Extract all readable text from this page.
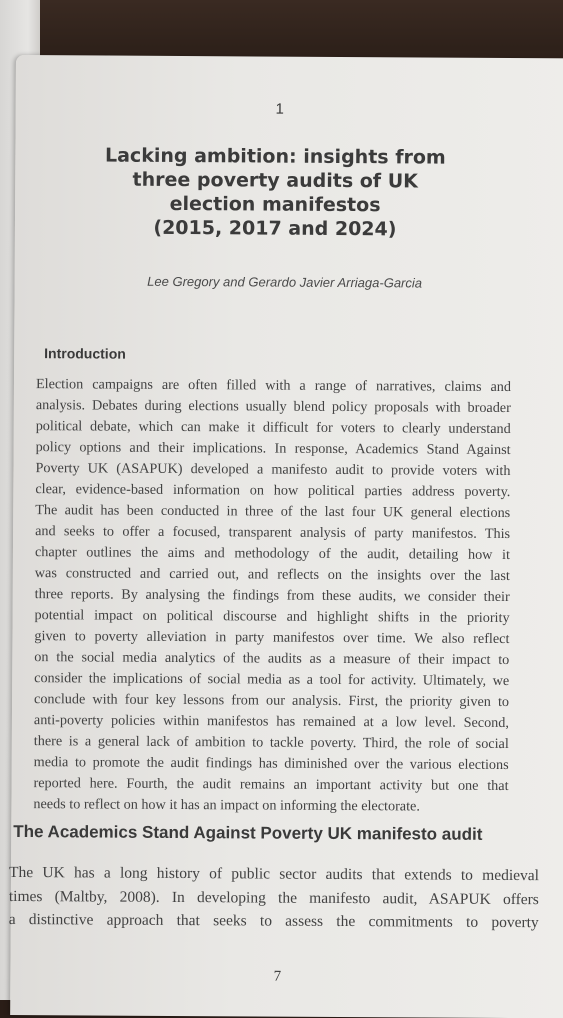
1
Lacking ambition: insights from
three poverty audits of UK
election manifestos
(2015, 2017 and 2024)
Lee Gregory and Gerardo Javier Arriaga-Garcia
Introduction
Election campaigns are often filled with a range of narratives, claims and
analysis. Debates during elections usually blend policy proposals with broader
political debate, which can make it difficult for voters to clearly understand
policy options and their implications. In response, Academics Stand Against
Poverty UK (ASAPUK) developed a manifesto audit to provide voters with
clear, evidence-based information on how political parties address poverty.
The audit has been conducted in three of the last four UK general elections
and seeks to offer a focused, transparent analysis of party manifestos. This
chapter outlines the aims and methodology of the audit, detailing how it
was constructed and carried out, and reflects on the insights over the last
three reports. By analysing the findings from these audits, we consider their
potential impact on political discourse and highlight shifts in the priority
given to poverty alleviation in party manifestos over time. We also reflect
on the social media analytics of the audits as a measure of their impact to
consider the implications of social media as a tool for activity. Ultimately, we
conclude with four key lessons from our analysis. First, the priority given to
anti-poverty policies within manifestos has remained at a low level. Second,
there is a general lack of ambition to tackle poverty. Third, the role of social
media to promote the audit findings has diminished over the various elections
reported here. Fourth, the audit remains an important activity but one that
needs to reflect on how it has an impact on informing the electorate.
The Academics Stand Against Poverty UK manifesto audit
The UK has a long history of public sector audits that extends to medieval
times (Maltby, 2008). In developing the manifesto audit, ASAPUK offers
a distinctive approach that seeks to assess the commitments to poverty
7
